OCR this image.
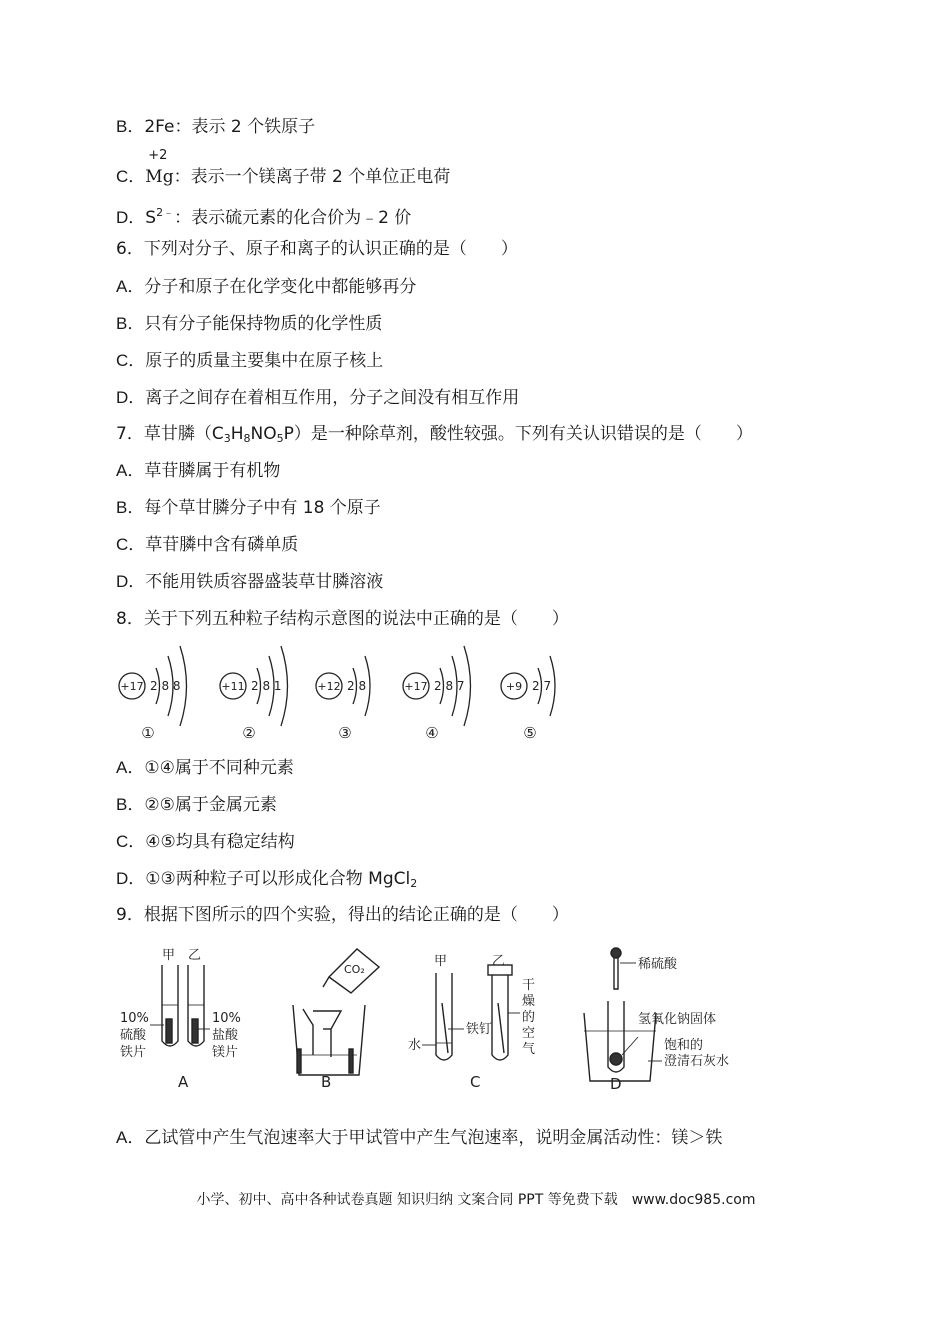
B．2Fe：表示 2 个铁原子
C．
+2
Mg：表示一个镁离子带 2 个单位正电荷
D．$S^{2﹣}$：表示硫元素的化合价为﹣2 价
6．下列对分子、原子和离子的认识正确的是（　　）
A．分子和原子在化学变化中都能够再分
B．只有分子能保持物质的化学性质
C．原子的质量主要集中在原子核上
D．离子之间存在着相互作用，分子之间没有相互作用
7．草甘膦$(C_3H_8NO_5P)$是一种除草剂，酸性较强。下列有关认识错误的是（　　）
A．草苷膦属于有机物
B．每个草甘膦分子中有 18 个原子
C．草苷膦中含有磷单质
D．不能用铁质容器盛装草甘膦溶液
8．关于下列五种粒子结构示意图的说法中正确的是（　　）
+17 2 8 8
①
+11 2 8 1
②
+12 2 8
③
+17 2 8 7
④
+9 2 7
⑤
A．①④属于不同种元素
B．②⑤属于金属元素
C．④⑤均具有稳定结构
D．①③两种粒子可以形成化合物 MgCl$_2$
9．根据下图所示的四个实验，得出的结论正确的是（　　）
甲 乙
10%
硫酸
铁片
10%
盐酸
镁片
A
CO₂
B
甲	乙
铁钉
水
干
燥
的
空
气
C
稀硫酸
氢氧化钠固体
饱和的
澄清石灰水
D
A．乙试管中产生气泡速率大于甲试管中产生气泡速率，说明金属活动性：镁＞铁
小学、初中、高中各种试卷真题 知识归纳 文案合同 PPT 等免费下载　www.doc985.com
